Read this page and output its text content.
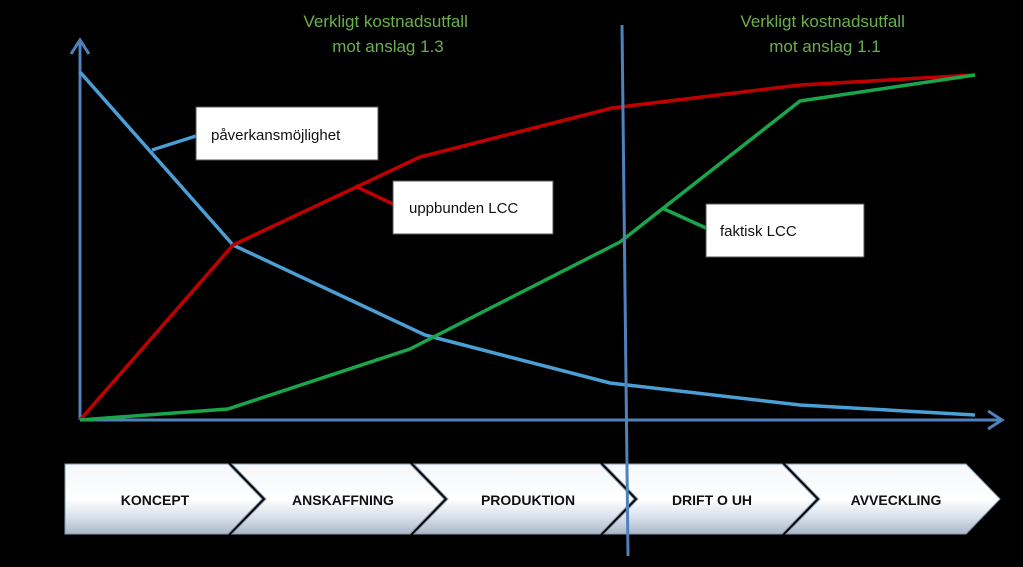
Verkligt kostnadsutfall mot anslag 1.3
Verkligt kostnadsutfall mot anslag 1.1
påverkansmöjlighet
uppbunden LCC
faktisk LCC
KONCEPT	ANSKAFFNING	PRODUKTION	DRIFT O UH	AVVECKLING
